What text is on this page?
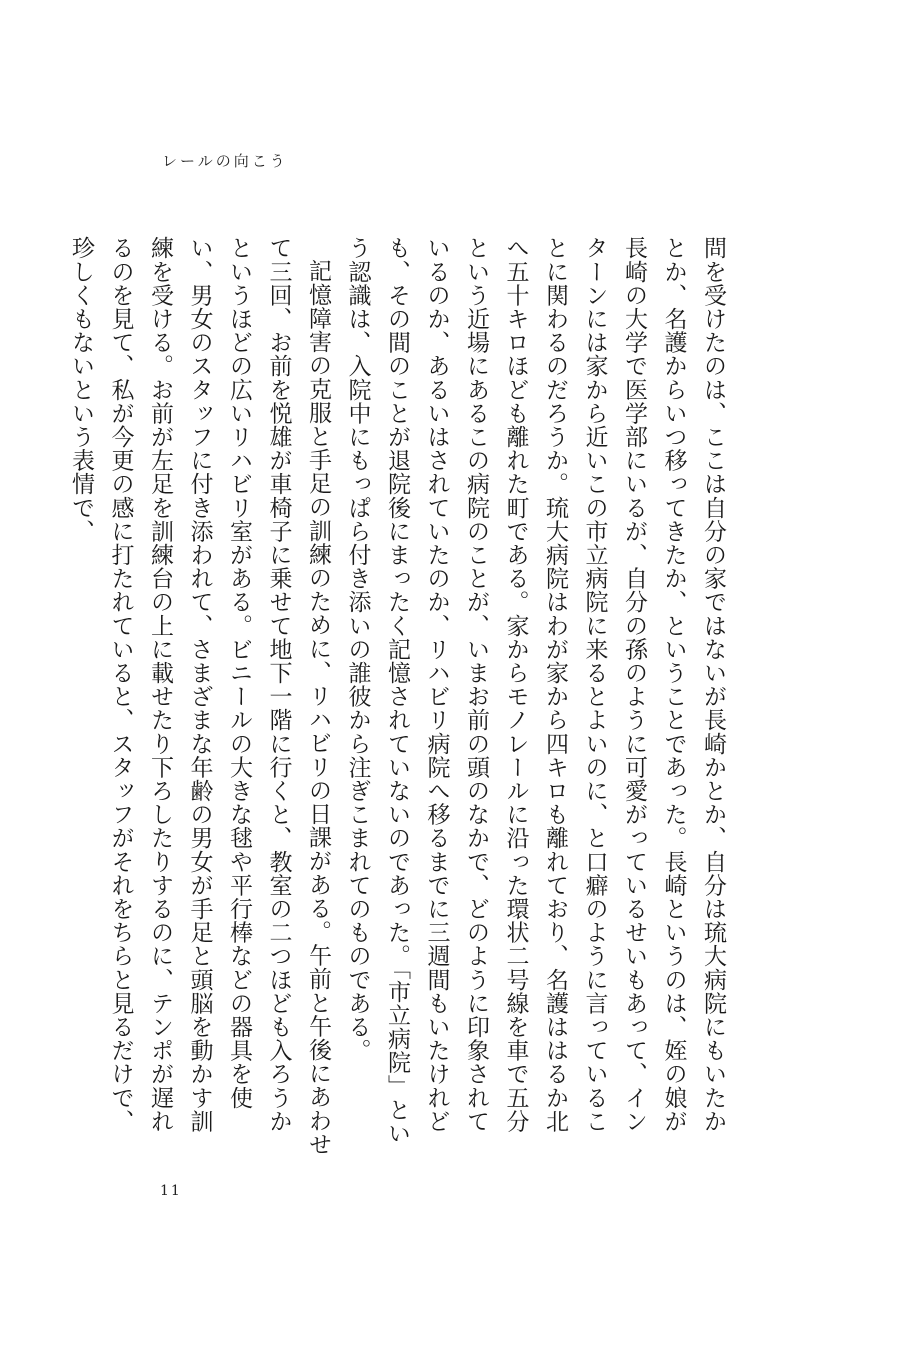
レールの向こう

問を受けたのは、ここは自分の家ではないが長崎かとか、自分は琉大病院にもいたかとか、名護からいつ移ってきたか、ということであった。長崎というのは、姪の娘が長崎の大学で医学部にいるが、自分の孫のように可愛がっているせいもあって、インターンには家から近いこの市立病院に来るとよいのに、と口癖のように言っていることに関わるのだろうか。琉大病院はわが家から四キロも離れており、名護ははるか北へ五十キロほども離れた町である。家からモノレールに沿った環状二号線を車で五分という近場にあるこの病院のことが、いまお前の頭のなかで、どのように印象されているのか、あるいはされていたのか、リハビリ病院へ移るまでに三週間もいたけれども、その間のことが退院後にまったく記憶されていないのであった。「市立病院」という認識は、入院中にもっぱら付き添いの誰彼から注ぎこまれてのものである。

記憶障害の克服と手足の訓練のために、リハビリの日課がある。午前と午後にあわせて三回、お前を悦雄が車椅子に乗せて地下一階に行くと、教室の二つほども入ろうかというほどの広いリハビリ室がある。ビニールの大きな毬や平行棒などの器具を使い、男女のスタッフに付き添われて、さまざまな年齢の男女が手足と頭脳を動かす訓練を受ける。お前が左足を訓練台の上に載せたり下ろしたりするのに、テンポが遅れるのを見て、私が今更の感に打たれていると、スタッフがそれをちらと見るだけで、珍しくもないという表情で、

11
